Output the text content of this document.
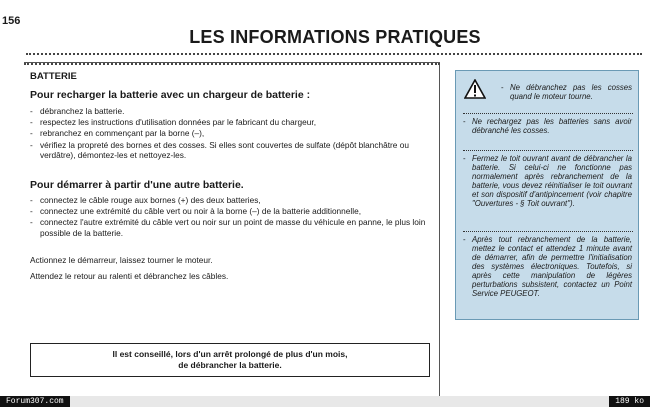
156
LES INFORMATIONS PRATIQUES
BATTERIE
Pour recharger la batterie avec un chargeur de batterie :
- débranchez la batterie.
- respectez les instructions d'utilisation données par le fabricant du chargeur,
- rebranchez en commençant par la borne (–),
- vérifiez la propreté des bornes et des cosses. Si elles sont couvertes de sulfate (dépôt blanchâtre ou verdâtre), démontez-les et nettoyez-les.
Pour démarrer à partir d'une autre batterie.
- connectez le câble rouge aux bornes (+) des deux batteries,
- connectez une extrémité du câble vert ou noir à la borne (–) de la batterie additionnelle,
- connectez l'autre extrémité du câble vert ou noir sur un point de masse du véhicule en panne, le plus loin possible de la batterie.
Actionnez le démarreur, laissez tourner le moteur.
Attendez le retour au ralenti et débranchez les câbles.
Il est conseillé, lors d'un arrêt prolongé de plus d'un mois,
de débrancher la batterie.
- Ne débranchez pas les cosses quand le moteur tourne.
- Ne rechargez pas les batteries sans avoir débranché les cosses.
- Fermez le toit ouvrant avant de débrancher la batterie. Si celui-ci ne fonctionne pas normalement après rebranchement de la batterie, vous devez réinitialiser le toit ouvrant et son dispositif d'antipincement (voir chapitre "Ouvertures - § Toit ouvrant").
- Après tout rebranchement de la batterie, mettez le contact et attendez 1 minute avant de démarrer, afin de permettre l'initialisation des systèmes électroniques. Toutefois, si après cette manipulation de légères perturbations subsistent, contactez un Point Service PEUGEOT.
Forum307.com	189 ko
